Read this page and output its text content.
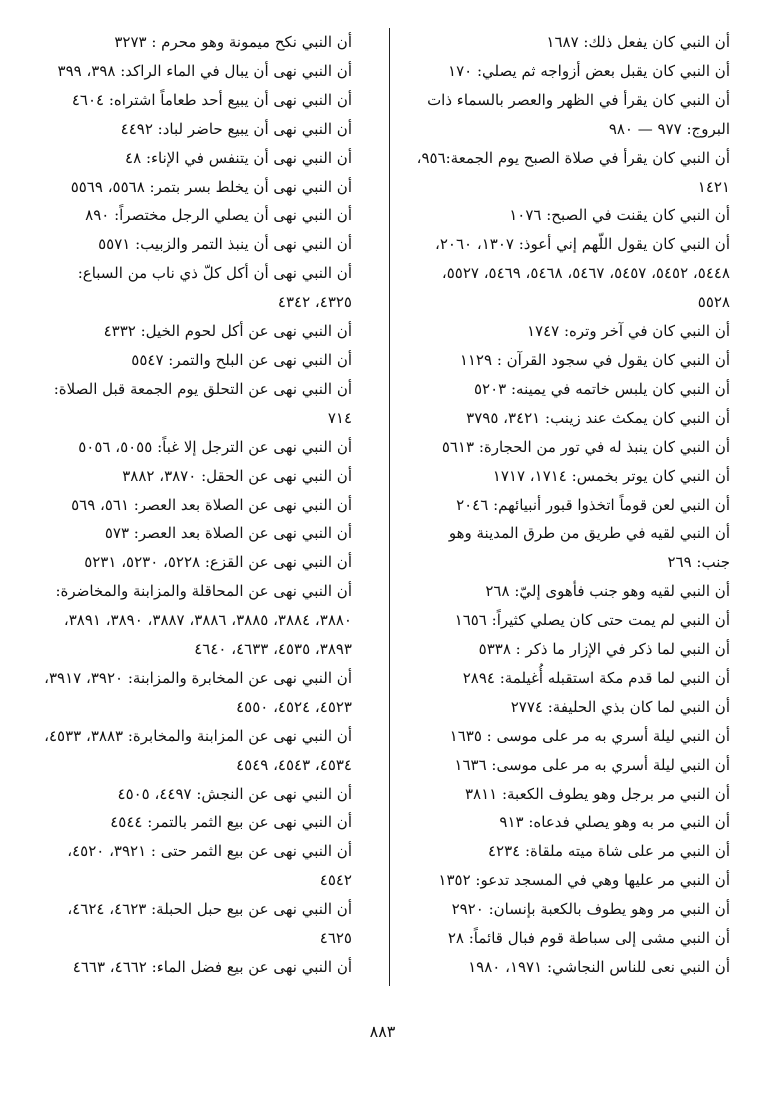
أن النبي كان يفعل ذلك: ١٦٨٧

أن النبي كان يقبل بعض أزواجه ثم يصلي: ١٧٠

أن النبي كان يقرأ في الظهر والعصر بالسماء ذات البروج: ٩٧٧ — ٩٨٠

أن النبي كان يقرأ في صلاة الصبح يوم الجمعة:٩٥٦، ١٤٢١

أن النبي كان يقنت في الصبح: ١٠٧٦

أن النبي كان يقول اللّهم إني أعوذ: ١٣٠٧، ٢٠٦٠، ٥٤٤٨، ٥٤٥٢، ٥٤٥٧، ٥٤٦٧، ٥٤٦٨، ٥٤٦٩، ٥٥٢٧، ٥٥٢٨

أن النبي كان في آخر وتره: ١٧٤٧

أن النبي كان يقول في سجود القرآن : ١١٢٩

أن النبي كان يلبس خاتمه في يمينه: ٥٢٠٣

أن النبي كان يمكث عند زينب: ٣٤٢١، ٣٧٩٥

أن النبي كان ينبذ له في تور من الحجارة: ٥٦١٣

أن النبي كان يوتر بخمس: ١٧١٤، ١٧١٧

أن النبي لعن قوماً اتخذوا قبور أنبيائهم: ٢٠٤٦

أن النبي لقيه في طريق من طرق المدينة وهو جنب: ٢٦٩

أن النبي لقيه وهو جنب فأهوى إليّ: ٢٦٨

أن النبي لم يمت حتى كان يصلي كثيراً: ١٦٥٦

أن النبي لما ذكر في الإزار ما ذكر : ٥٣٣٨

أن النبي لما قدم مكة استقبله أُغيلمة: ٢٨٩٤

أن النبي لما كان بذي الحليفة: ٢٧٧٤

أن النبي ليلة أسري به مر على موسى : ١٦٣٥

أن النبي ليلة أسري به مر على موسى: ١٦٣٦

أن النبي مر برجل وهو يطوف الكعبة: ٣٨١١

أن النبي مر به وهو يصلي فدعاه: ٩١٣

أن النبي مر على شاة ميته ملقاة: ٤٢٣٤

أن النبي مر عليها وهي في المسجد تدعو: ١٣٥٢

أن النبي مر وهو يطوف بالكعبة بإنسان: ٢٩٢٠

أن النبي مشى إلى سباطة قوم فبال قائماً: ٢٨

أن النبي نعى للناس النجاشي: ١٩٧١، ١٩٨٠

أن النبي نكح ميمونة وهو محرم : ٣٢٧٣

أن النبي نهى أن يبال في الماء الراكد: ٣٩٨، ٣٩٩

أن النبي نهى أن يبيع أحد طعاماً اشتراه: ٤٦٠٤

أن النبي نهى أن يبيع حاضر لباد: ٤٤٩٢

أن النبي نهى أن يتنفس في الإناء: ٤٨

أن النبي نهى أن يخلط بسر بتمر: ٥٥٦٨، ٥٥٦٩

أن النبي نهى أن يصلي الرجل مختصراً: ٨٩٠

أن النبي نهى أن ينبذ التمر والزبيب: ٥٥٧١

أن النبي نهى أن أكل كلّ ذي ناب من السباع: ٤٣٢٥، ٤٣٤٢

أن النبي نهى عن أكل لحوم الخيل: ٤٣٣٢

أن النبي نهى عن البلح والتمر: ٥٥٤٧

أن النبي نهى عن التحلق يوم الجمعة قبل الصلاة: ٧١٤

أن النبي نهى عن الترجل إلا غباً: ٥٠٥٥، ٥٠٥٦

أن النبي نهى عن الحقل: ٣٨٧٠، ٣٨٨٢

أن النبي نهى عن الصلاة بعد العصر: ٥٦١، ٥٦٩

أن النبي نهى عن الصلاة بعد العصر: ٥٧٣

أن النبي نهى عن القزع: ٥٢٢٨، ٥٢٣٠، ٥٢٣١

أن النبي نهى عن المحاقلة والمزابنة والمخاضرة: ٣٨٨٠، ٣٨٨٤، ٣٨٨٥، ٣٨٨٦، ٣٨٨٧، ٣٨٩٠، ٣٨٩١، ٣٨٩٣، ٤٥٣٥، ٤٦٣٣، ٤٦٤٠

أن النبي نهى عن المخابرة والمزابنة: ٣٩٢٠، ٣٩١٧، ٤٥٢٣، ٤٥٢٤، ٤٥٥٠

أن النبي نهى عن المزابنة والمخابرة: ٣٨٨٣، ٤٥٣٣، ٤٥٣٤، ٤٥٤٣، ٤٥٤٩

أن النبي نهى عن النجش: ٤٤٩٧، ٤٥٠٥

أن النبي نهى عن بيع الثمر بالتمر: ٤٥٤٤

أن النبي نهى عن بيع الثمر حتى : ٣٩٢١، ٤٥٢٠، ٤٥٤٢

أن النبي نهى عن بيع حبل الحبلة: ٤٦٢٣، ٤٦٢٤، ٤٦٢٥

أن النبي نهى عن بيع فضل الماء: ٤٦٦٢، ٤٦٦٣

٨٨٣
